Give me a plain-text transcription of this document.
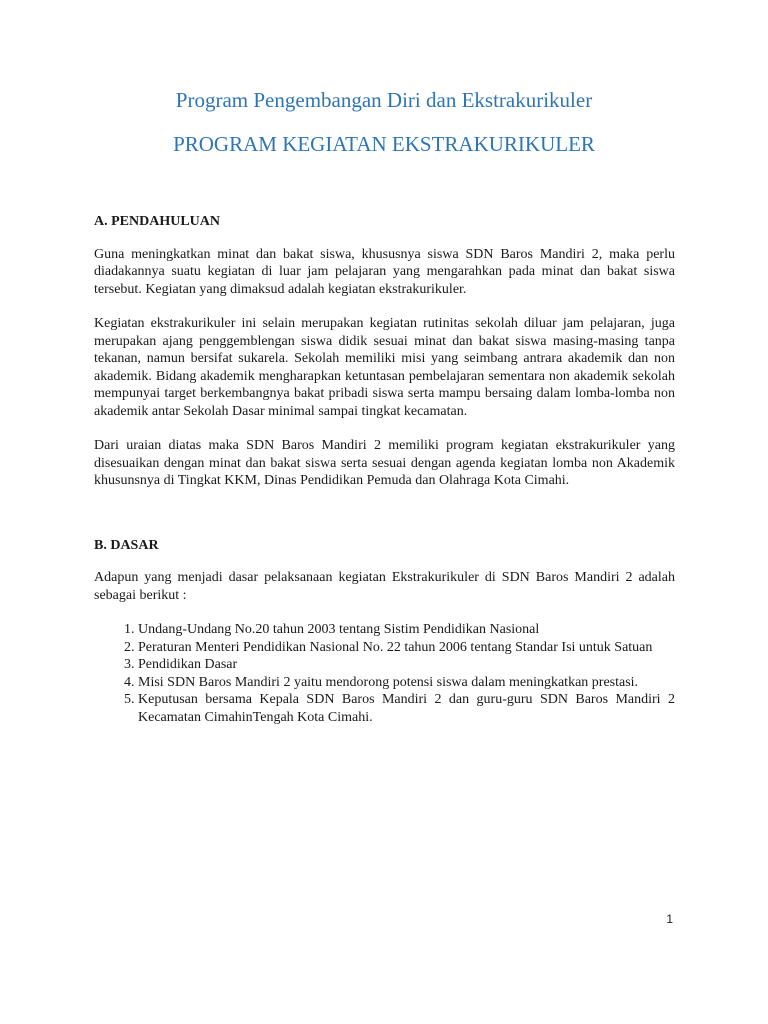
Program Pengembangan Diri dan Ekstrakurikuler
PROGRAM KEGIATAN EKSTRAKURIKULER
A. PENDAHULUAN

Guna meningkatkan minat dan bakat siswa, khususnya siswa SDN Baros Mandiri 2, maka perlu diadakannya suatu kegiatan di luar jam pelajaran yang mengarahkan pada minat dan bakat siswa tersebut. Kegiatan yang dimaksud adalah kegiatan ekstrakurikuler.

Kegiatan ekstrakurikuler ini selain merupakan kegiatan rutinitas sekolah diluar jam pelajaran, juga merupakan ajang penggemblengan siswa didik sesuai minat dan bakat siswa masing-masing tanpa tekanan, namun bersifat sukarela. Sekolah memiliki misi yang seimbang antrara akademik dan non akademik. Bidang akademik mengharapkan ketuntasan pembelajaran sementara non akademik sekolah mempunyai target berkembangnya bakat pribadi siswa serta mampu bersaing dalam lomba-lomba non akademik antar Sekolah Dasar minimal sampai tingkat kecamatan.

Dari uraian diatas maka SDN Baros Mandiri 2 memiliki program kegiatan ekstrakurikuler yang disesuaikan dengan minat dan bakat siswa serta sesuai dengan agenda kegiatan lomba non Akademik khusunsnya di Tingkat KKM, Dinas Pendidikan Pemuda dan Olahraga Kota Cimahi.

B. DASAR

Adapun yang menjadi dasar pelaksanaan kegiatan Ekstrakurikuler di SDN Baros Mandiri 2 adalah sebagai berikut :

1. Undang-Undang No.20 tahun 2003 tentang Sistim Pendidikan Nasional
2. Peraturan Menteri Pendidikan Nasional No. 22 tahun 2006 tentang Standar Isi untuk Satuan
3. Pendidikan Dasar
4. Misi SDN Baros Mandiri 2 yaitu mendorong potensi siswa dalam meningkatkan prestasi.
5. Keputusan bersama Kepala SDN Baros Mandiri 2 dan guru-guru SDN Baros Mandiri 2 Kecamatan CimahinTengah Kota Cimahi.
1
